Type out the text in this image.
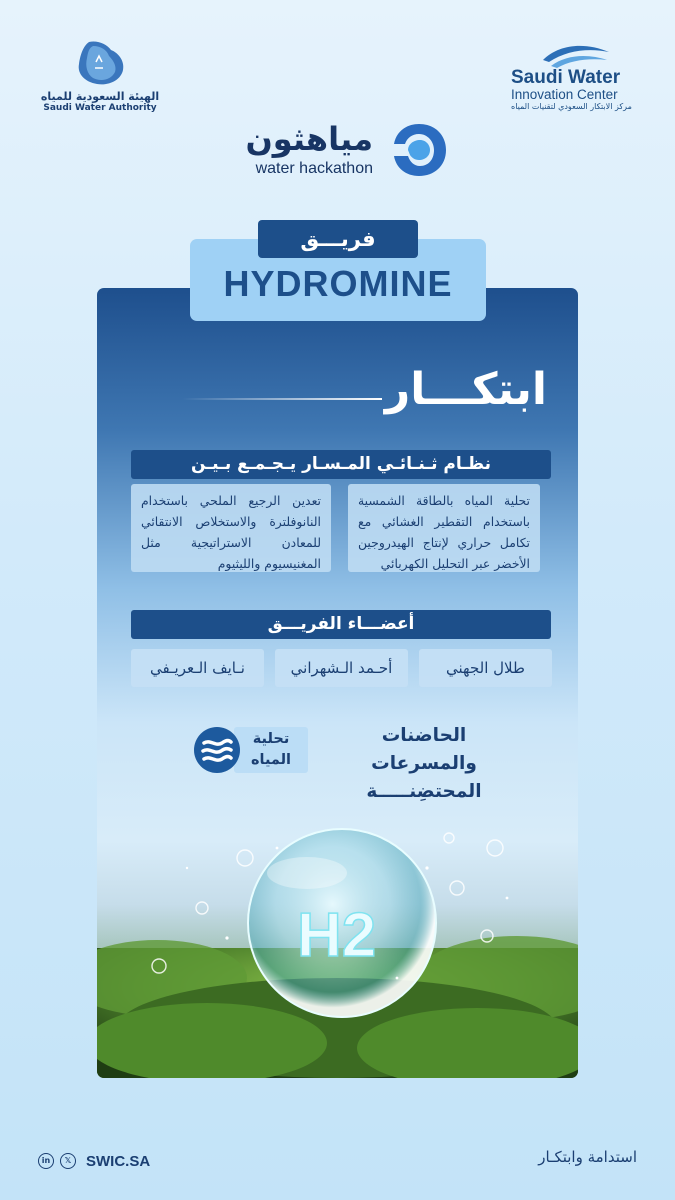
الهيئة السعودية للمياه
Saudi Water Authority
Saudi Water
Innovation Center
مركز الابتكار السعودي لتقنيات المياه
مياهثون
water hackathon
H2
HYDROMINE
فريـــق
ابتكـــار
نظـام ثـنـائـي المـسـار يـجـمـع بـيـن
تحلية المياه بالطاقة الشمسية باستخدام التقطير الغشائي مع تكامل حراري لإنتاج الهيدروجين الأخضر عبر التحليل الكهربائي
تعدين الرجيع الملحي باستخدام النانوفلترة والاستخلاص الانتقائي للمعادن الاستراتيجية مثل المغنيسيوم والليثيوم
أعضـــاء الفريـــق
طلال الجهني
أحـمد الـشهراني
نـايف الـعريـفي
تحلية
المياه
الحاضنات والمسرعات
المحتضِنـــــة
in	𝕏 SWIC.SA	استدامة وابتكـار
